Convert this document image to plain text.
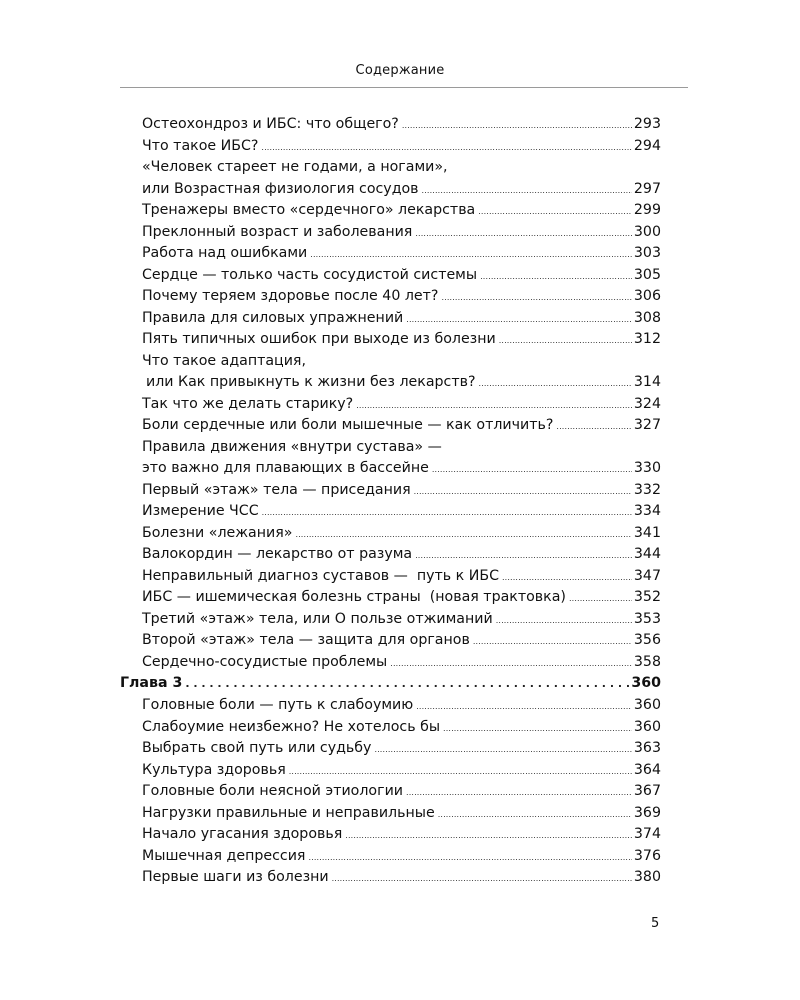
Содержание
Остеохондроз и ИБС: что общего? . . .	293
Что такое ИБС? . . .	294
«Человек стареет не годами, а ногами»,
или Возрастная физиология сосудов . . .	297
Тренажеры вместо «сердечного» лекарства . . .	299
Преклонный возраст и заболевания . . .	300
Работа над ошибками . . .	303
Сердце — только часть сосудистой системы . . .	305
Почему теряем здоровье после 40 лет? . . .	306
Правила для силовых упражнений . . .	308
Пять типичных ошибок при выходе из болезни . . .	312
Что такое адаптация,
или Как привыкнуть к жизни без лекарств? . . .	314
Так что же делать старику? . . .	324
Боли сердечные или боли мышечные — как отличить? . . .	327
Правила движения «внутри сустава» —
это важно для плавающих в бассейне . . .	330
Первый «этаж» тела — приседания . . .	332
Измерение ЧСС . . .	334
Болезни «лежания» . . .	341
Валокордин — лекарство от разума . . .	344
Неправильный диагноз суставов —  путь к ИБС . . .	347
ИБС — ишемическая болезнь страны  (новая трактовка) . . .	352
Третий «этаж» тела, или О пользе отжиманий . . .	353
Второй «этаж» тела — защита для органов . . .	356
Сердечно-сосудистые проблемы . . .	358
Глава 3 . . .	360
Головные боли — путь к слабоумию . . .	360
Слабоумие неизбежно? Не хотелось бы . . .	360
Выбрать свой путь или судьбу . . .	363
Культура здоровья . . .	364
Головные боли неясной этиологии . . .	367
Нагрузки правильные и неправильные . . .	369
Начало угасания здоровья . . .	374
Мышечная депрессия . . .	376
Первые шаги из болезни . . .	380
5
